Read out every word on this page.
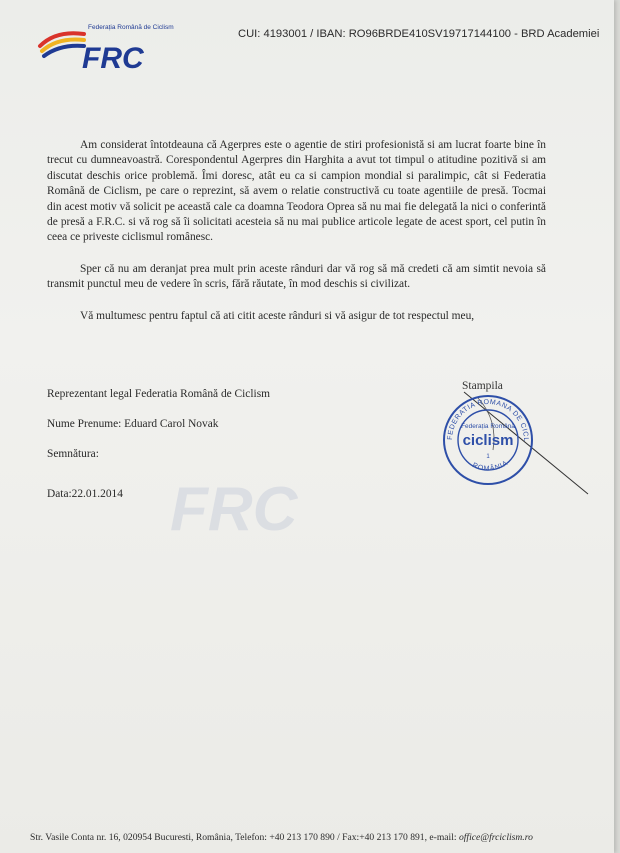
Federația Română de Ciclism
FRC
CUI: 4193001 / IBAN: RO96BRDE410SV19717144100 - BRD Academiei

Am considerat întotdeauna că Agerpres este o agentie de stiri profesionistă si am lucrat foarte bine în trecut cu dumneavoastră. Corespondentul Agerpres din Harghita a avut tot timpul o atitudine pozitivă si am discutat deschis orice problemă. Îmi doresc, atât eu ca si campion mondial si paralimpic, cât si Federatia Română de Ciclism, pe care o reprezint, să avem o relatie constructivă cu toate agentiile de presă. Tocmai din acest motiv vă solicit pe această cale ca doamna Teodora Oprea să nu mai fie delegată la nici o conferintă de presă a F.R.C. si vă rog să îi solicitati acesteia să nu mai publice articole legate de acest sport, cel putin în ceea ce priveste ciclismul românesc.

Sper că nu am deranjat prea mult prin aceste rânduri dar vă rog să mă credeti că am simtit nevoia să transmit punctul meu de vedere în scris, fără răutate, în mod deschis si civilizat.

Vă multumesc pentru faptul că ati citit aceste rânduri si vă asigur de tot respectul meu,

Reprezentant legal Federatia Română de Ciclism
Nume Prenume: Eduard Carol Novak
Semnătura:
Data:22.01.2014 FRC
Stampila
FEDERATIA ROMANA DE CICL
ROMÂNIA
Federația Română
ciclism
1
Str. Vasile Conta nr. 16, 020954 Bucuresti, România, Telefon: +40 213 170 890 / Fax:+40 213 170 891, e-mail: office@frciclism.ro
